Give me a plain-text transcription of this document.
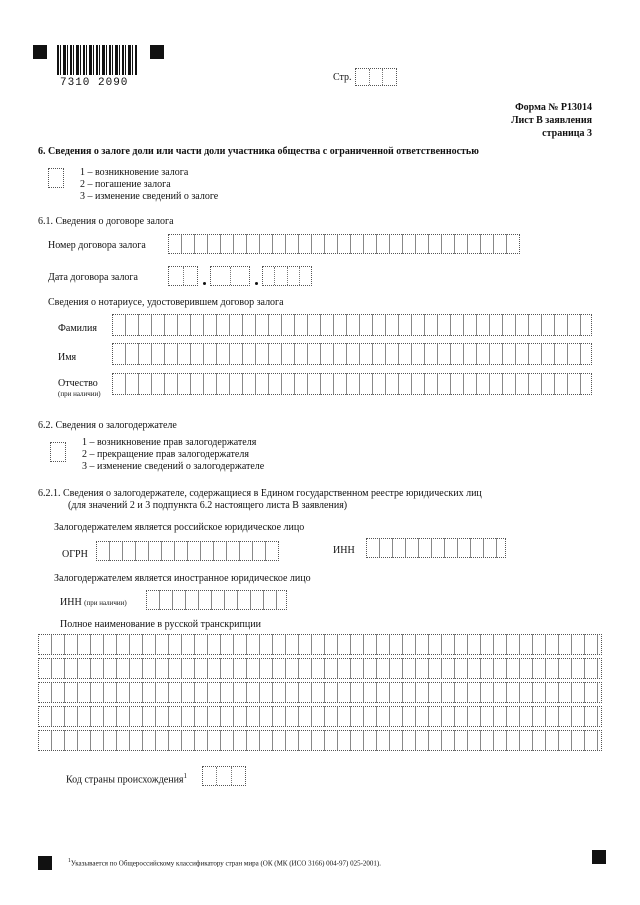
7310 2090	Стр.
Форма № Р13014
Лист В заявления
страница 3
6. Сведения о залоге доли или части доли участника общества с ограниченной ответственностью
1 – возникновение залога
2 – погашение залога
3 – изменение сведений о залоге
6.1. Сведения о договоре залога
Номер договора залога
Дата договора залога
Сведения о нотариусе, удостоверившем договор залога
Фамилия
Имя
Отчество
(при наличии)
6.2. Сведения о залогодержателе
1 – возникновение прав залогодержателя
2 – прекращение прав залогодержателя
3 – изменение сведений о залогодержателе
6.2.1. Сведения о залогодержателе, содержащиеся в Едином государственном реестре юридических лиц
(для значений 2 и 3 подпункта 6.2 настоящего листа В заявления)
Залогодержателем является российское юридическое лицо
ОГРН	ИНН
Залогодержателем является иностранное юридическое лицо
ИНН (при наличии)
Полное наименование в русской транскрипции
Код страны происхождения$^1$
$^1$Указывается по Общероссийскому классификатору стран мира (ОК (МК (ИСО 3166) 004-97) 025-2001).
